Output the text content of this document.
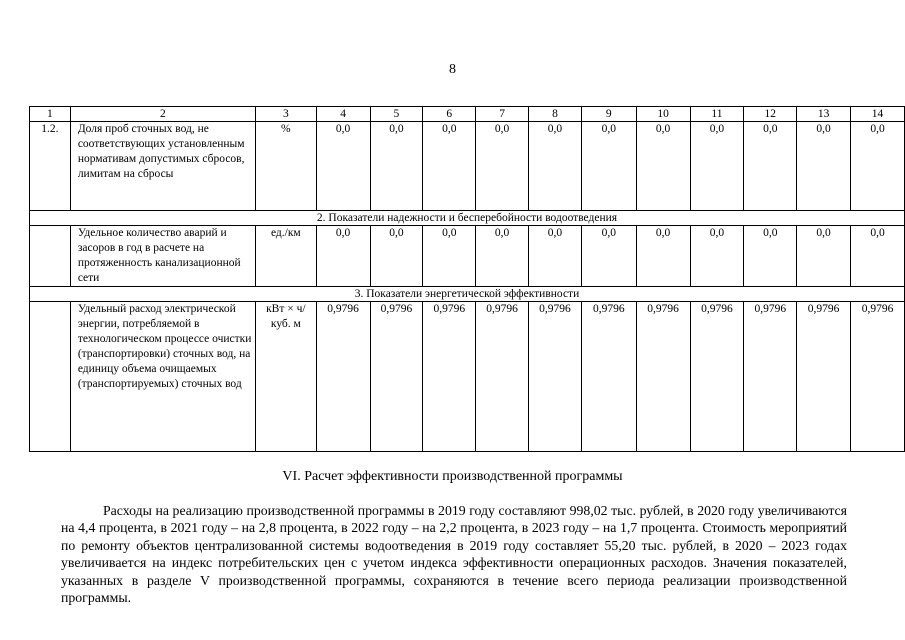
8
1	2	3	4	5	6	7	8	9	10	11	12	13	14
1.2.	Доля проб сточных вод, не соответствующих установленным нормативам допустимых сбросов, лимитам на сбросы	%	0,0	0,0	0,0	0,0	0,0	0,0	0,0	0,0	0,0	0,0	0,0
2. Показатели надежности и бесперебойности водоотведения													
	Удельное количество аварий и засоров в год в расчете на протяженность канализационной сети	ед./км	0,0	0,0	0,0	0,0	0,0	0,0	0,0	0,0	0,0	0,0	0,0
3. Показатели энергетической эффективности													
	Удельный расход электрической энергии, потребляемой в технологическом процессе очистки (транспортировки) сточных вод, на единицу объема очищаемых (транспортируемых) сточных вод	кВт × ч/ куб. м	0,9796	0,9796	0,9796	0,9796	0,9796	0,9796	0,9796	0,9796	0,9796	0,9796	0,9796
VI. Расчет эффективности производственной программы

Расходы на реализацию производственной программы в 2019 году составляют 998,02 тыс. рублей, в 2020 году увеличиваются на 4,4 процента, в 2021 году – на 2,8 процента, в 2022 году – на 2,2 процента, в 2023 году – на 1,7 процента. Стоимость мероприятий по ремонту объектов централизованной системы водоотведения в 2019 году составляет 55,20 тыс. рублей, в 2020 – 2023 годах увеличивается на индекс потребительских цен с учетом индекса эффективности операционных расходов. Значения показателей, указанных в разделе V производственной программы, сохраняются в течение всего периода реализации производственной программы.
